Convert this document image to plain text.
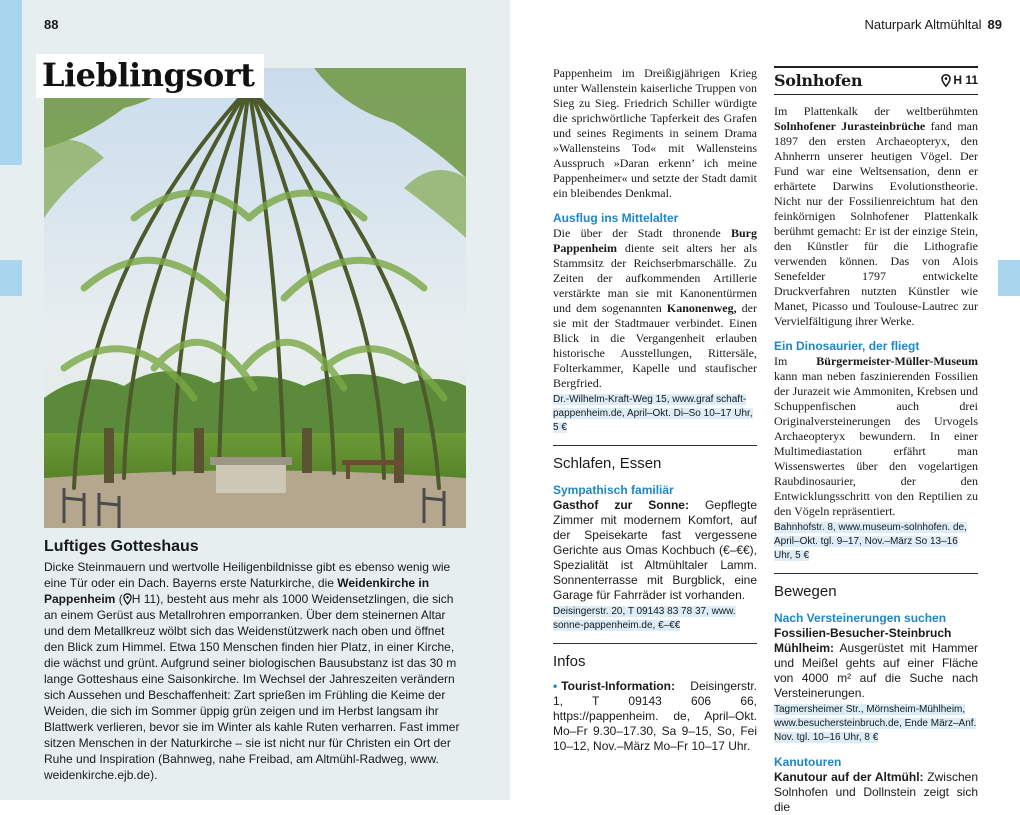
88
Lieblingsort
Luftiges Gotteshaus
Dicke Steinmauern und wertvolle Heiligenbildnisse gibt es ebenso wenig wie eine Tür oder ein Dach. Bayerns erste Naturkirche, die Weidenkirche in Pappenheim ( H 11), besteht aus mehr als 1000 Weidensetzlingen, die sich an einem Gerüst aus Metallrohren emporranken. Über dem steinernen Altar und dem Metallkreuz wölbt sich das Weidenstützwerk nach oben und öffnet den Blick zum Himmel. Etwa 150 Menschen finden hier Platz, in einer Kirche, die wächst und grünt. Aufgrund seiner biologischen Bausubstanz ist das 30 m lange Gotteshaus eine Saisonkirche. Im Wechsel der Jahreszeiten verändern sich Aussehen und Beschaffenheit: Zart sprießen im Frühling die Keime der Weiden, die sich im Sommer üppig grün zeigen und im Herbst langsam ihr Blattwerk verlieren, bevor sie im Winter als kahle Ruten verharren. Fast immer sitzen Menschen in der Naturkirche – sie ist nicht nur für Christen ein Ort der Ruhe und Inspiration (Bahnweg, nahe Freibad, am Altmühl-Radweg, www. weidenkirche.ejb.de).
Naturpark Altmühltal 89

Pappenheim im Dreißigjährigen Krieg unter Wallenstein kaiserliche Truppen von Sieg zu Sieg. Friedrich Schiller würdigte die sprichwörtliche Tapferkeit des Grafen und seines Regiments in seinem Drama »Wallensteins Tod« mit Wallensteins Ausspruch »Daran erkenn’ ich meine Pappenheimer« und setzte der Stadt damit ein bleibendes Denkmal.

Ausflug ins Mittelalter

Die über der Stadt thronende Burg Pappenheim diente seit alters her als Stammsitz der Reichserbmarschälle. Zu Zeiten der aufkommenden Artillerie verstärkte man sie mit Kanonentürmen und dem sogenannten Kanonenweg, der sie mit der Stadtmauer verbindet. Einen Blick in die Vergangenheit erlauben historische Ausstellungen, Rittersäle, Folterkammer, Kapelle und staufischer Bergfried.

Dr.-Wilhelm-Kraft-Weg 15, www.graf schaft-pappenheim.de, April–Okt. Di–So 10–17 Uhr, 5 €
Schlafen, Essen
Sympathisch familiär

Gasthof zur Sonne: Gepflegte Zimmer mit modernem Komfort, auf der Speisekarte fast vergessene Gerichte aus Omas Kochbuch (€–€€), Spezialität ist Altmühltaler Lamm. Sonnenterrasse mit Burgblick, eine Garage für Fahrräder ist vorhanden.

Deisingerstr. 20, T 09143 83 78 37, www. sonne-pappenheim.de, €–€€
Infos

• Tourist-Information: Deisingerstr. 1, T 09143 606 66, https://pappenheim. de, April–Okt. Mo–Fr 9.30–17.30, Sa 9–15, So, Fei 10–12, Nov.–März Mo–Fr 10–17 Uhr.

Solnhofen	H 11

Im Plattenkalk der weltberühmten Solnhofener Jurasteinbrüche fand man 1897 den ersten Archaeopteryx, den Ahnherrn unserer heutigen Vögel. Der Fund war eine Weltsensation, denn er erhärtete Darwins Evolutionstheorie. Nicht nur der Fossilienreichtum hat den feinkörnigen Solnhofener Plattenkalk berühmt gemacht: Er ist der einzige Stein, den Künstler für die Lithografie verwenden können. Das von Alois Senefelder 1797 entwickelte Druckverfahren nutzten Künstler wie Manet, Picasso und Toulouse-Lautrec zur Vervielfältigung ihrer Werke.

Ein Dinosaurier, der fliegt

Im Bürgermeister-Müller-Museum kann man neben faszinierenden Fossilien der Jurazeit wie Ammoniten, Krebsen und Schuppenfischen auch drei Originalversteinerungen des Urvogels Archaeopteryx bewundern. In einer Multimediastation erfährt man Wissenswertes über den vogelartigen Raubdinosaurier, der den Entwicklungsschritt von den Reptilien zu den Vögeln repräsentiert.

Bahnhofstr. 8, www.museum-solnhofen. de, April–Okt. tgl. 9–17, Nov.–März So 13–16 Uhr, 5 €
Bewegen
Nach Versteinerungen suchen

Fossilien-Besucher-Steinbruch Mühlheim: Ausgerüstet mit Hammer und Meißel gehts auf einer Fläche von 4000 m² auf die Suche nach Versteinerungen.

Tagmersheimer Str., Mörnsheim-Mühlheim, www.besuchersteinbruch.de, Ende März–Anf. Nov. tgl. 10–16 Uhr, 8 €
Kanutouren

Kanutour auf der Altmühl: Zwischen Solnhofen und Dollnstein zeigt sich die
